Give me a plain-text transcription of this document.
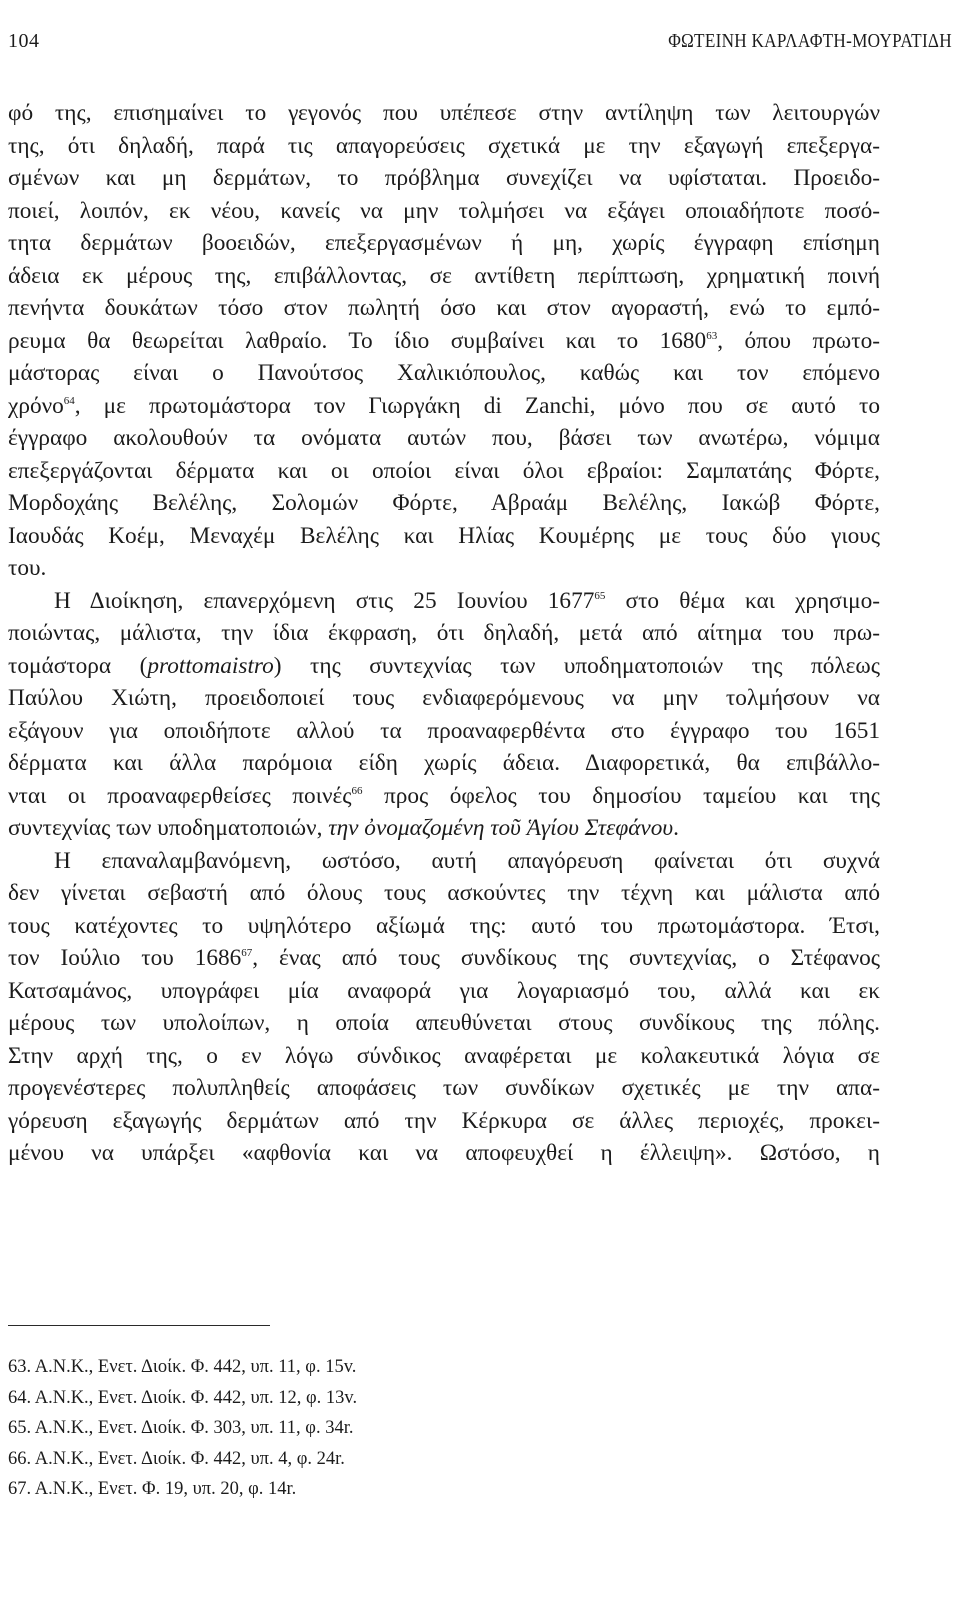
104	ΦΩΤΕΙΝΗ ΚΑΡΛΑΦΤΗ-ΜΟΥΡΑΤΙΔΗ
φό της, επισημαίνει το γεγονός που υπέπεσε στην αντίληψη των λειτουργών
της, ότι δηλαδή, παρά τις απαγορεύσεις σχετικά με την εξαγωγή επεξεργα-
σμένων και μη δερμάτων, το πρόβλημα συνεχίζει να υφίσταται. Προειδο-
ποιεί, λοιπόν, εκ νέου, κανείς να μην τολμήσει να εξάγει οποιαδήποτε ποσό-
τητα δερμάτων βοοειδών, επεξεργασμένων ή μη, χωρίς έγγραφη επίσημη
άδεια εκ μέρους της, επιβάλλοντας, σε αντίθετη περίπτωση, χρηματική ποινή
πενήντα δουκάτων τόσο στον πωλητή όσο και στον αγοραστή, ενώ το εμπό-
ρευμα θα θεωρείται λαθραίο. Το ίδιο συμβαίνει και το 1680$^{63}$, όπου πρωτο-
μάστορας είναι ο Πανούτσος Χαλικιόπουλος, καθώς και τον επόμενο
χρόνο$^{64}$, με πρωτομάστορα τον Γιωργάκη di Zanchi, μόνο που σε αυτό το
έγγραφο ακολουθούν τα ονόματα αυτών που, βάσει των ανωτέρω, νόμιμα
επεξεργάζονται δέρματα και οι οποίοι είναι όλοι εβραίοι: Σαμπατάης Φόρτε,
Μορδοχάης Βελέλης, Σολομών Φόρτε, Αβραάμ Βελέλης, Ιακώβ Φόρτε,
Ιαουδάς Κοέμ, Μεναχέμ Βελέλης και Ηλίας Κουμέρης με τους δύο γιους
του.
Η Διοίκηση, επανερχόμενη στις 25 Ιουνίου 1677$^{65}$ στο θέμα και χρησιμο-
ποιώντας, μάλιστα, την ίδια έκφραση, ότι δηλαδή, μετά από αίτημα του πρω-
τομάστορα (prottomaistro) της συντεχνίας των υποδηματοποιών της πόλεως
Παύλου Χιώτη, προειδοποιεί τους ενδιαφερόμενους να μην τολμήσουν να
εξάγουν για οποιδήποτε αλλού τα προαναφερθέντα στο έγγραφο του 1651
δέρματα και άλλα παρόμοια είδη χωρίς άδεια. Διαφορετικά, θα επιβάλλο-
νται οι προαναφερθείσες ποινές$^{66}$ προς όφελος του δημοσίου ταμείου και της
συντεχνίας των υποδηματοποιών, την ὀνομαζομένη τοῦ Ἁγίου Στεφάνου.
Η επαναλαμβανόμενη, ωστόσο, αυτή απαγόρευση φαίνεται ότι συχνά
δεν γίνεται σεβαστή από όλους τους ασκούντες την τέχνη και μάλιστα από
τους κατέχοντες το υψηλότερο αξίωμά της: αυτό του πρωτομάστορα. Έτσι,
τον Ιούλιο του 1686$^{67}$, ένας από τους συνδίκους της συντεχνίας, ο Στέφανος
Κατσαμάνος, υπογράφει μία αναφορά για λογαριασμό του, αλλά και εκ
μέρους των υπολοίπων, η οποία απευθύνεται στους συνδίκους της πόλης.
Στην αρχή της, ο εν λόγω σύνδικος αναφέρεται με κολακευτικά λόγια σε
προγενέστερες πολυπληθείς αποφάσεις των συνδίκων σχετικές με την απα-
γόρευση εξαγωγής δερμάτων από την Κέρκυρα σε άλλες περιοχές, προκει-
μένου να υπάρξει «αφθονία και να αποφευχθεί η έλλειψη». Ωστόσο, η
63. Α.Ν.Κ., Ενετ. Διοίκ. Φ. 442, υπ. 11, φ. 15v.
64. Α.Ν.Κ., Ενετ. Διοίκ. Φ. 442, υπ. 12, φ. 13v.
65. Α.Ν.Κ., Ενετ. Διοίκ. Φ. 303, υπ. 11, φ. 34r.
66. Α.Ν.Κ., Ενετ. Διοίκ. Φ. 442, υπ. 4, φ. 24r.
67. Α.Ν.Κ., Ενετ. Φ. 19, υπ. 20, φ. 14r.
